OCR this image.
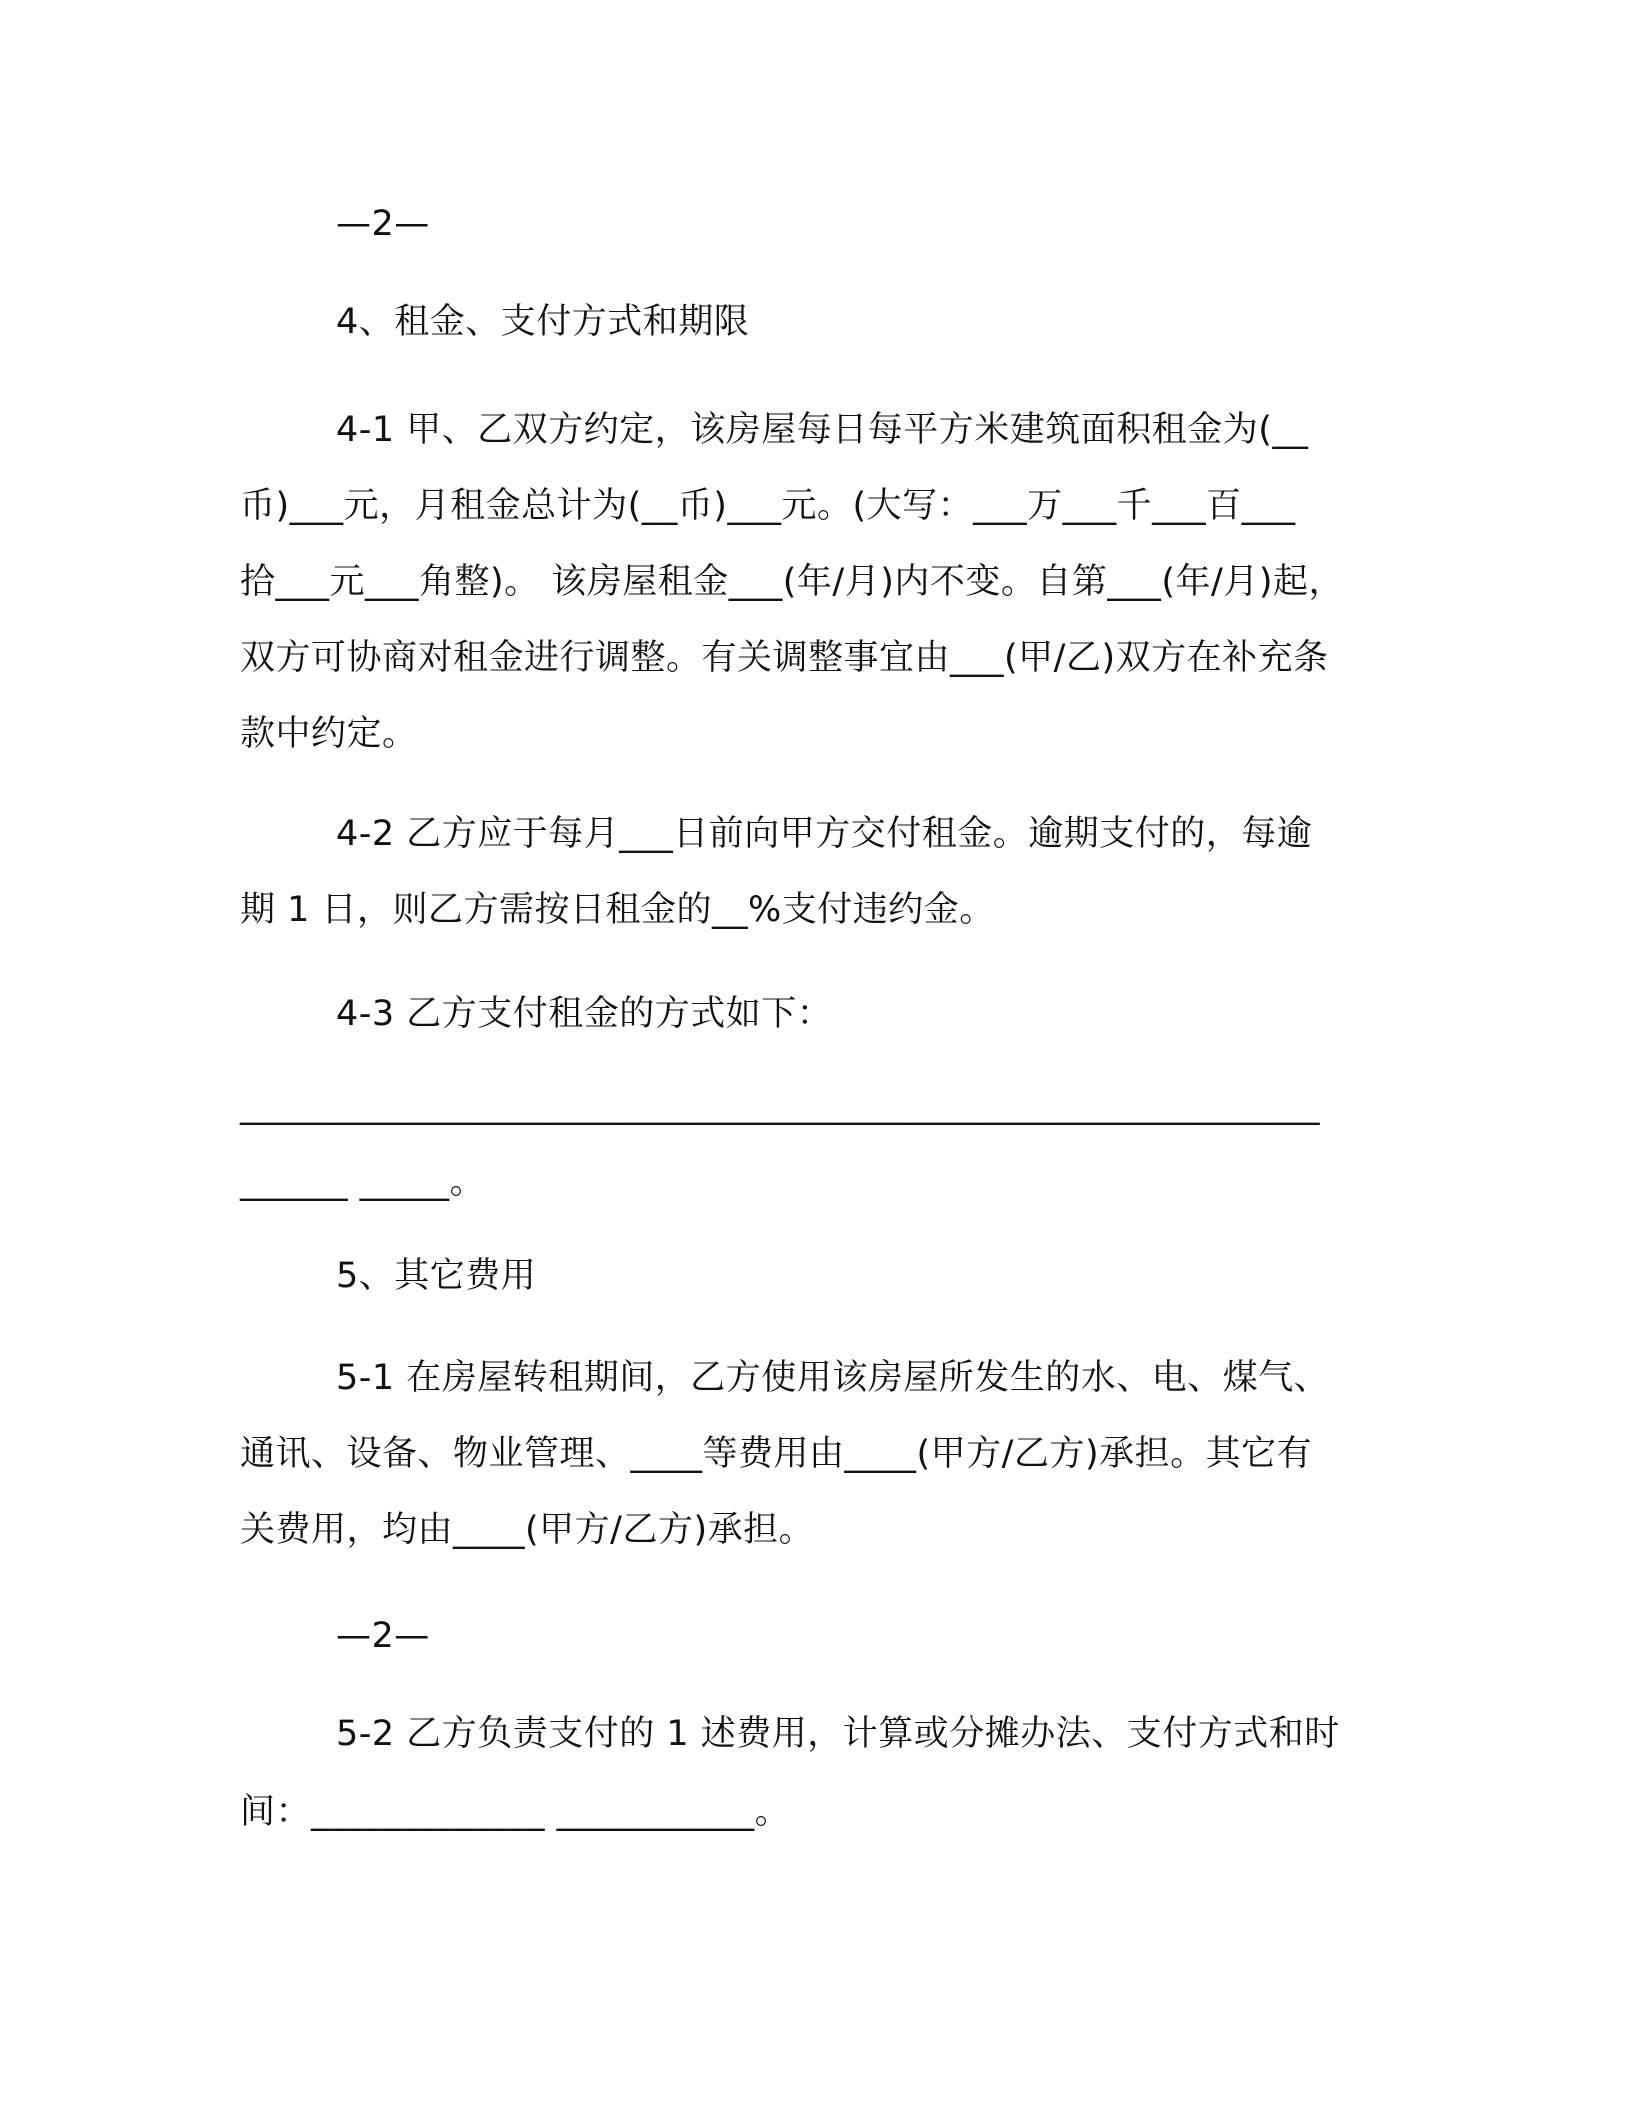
—2—
4、租金、支付方式和期限
4-1 甲、乙双方约定，该房屋每日每平方米建筑面积租金为(__
币)___元，月租金总计为(__币)___元。(大写：___万___千___百___
拾___元___角整)。 该房屋租金___(年/月)内不变。自第___(年/月)起，
双方可协商对租金进行调整。有关调整事宜由___(甲/乙)双方在补充条
款中约定。
4-2 乙方应于每月___日前向甲方交付租金。逾期支付的，每逾
期 1 日，则乙方需按日租金的__%支付违约金。
4-3 乙方支付租金的方式如下：
____________________________________________________________
______ _____。
5、其它费用
5-1 在房屋转租期间，乙方使用该房屋所发生的水、电、煤气、
通讯、设备、物业管理、____等费用由____(甲方/乙方)承担。其它有
关费用，均由____(甲方/乙方)承担。
—2—
5-2 乙方负责支付的 1 述费用，计算或分摊办法、支付方式和时
间：_____________ ___________。
